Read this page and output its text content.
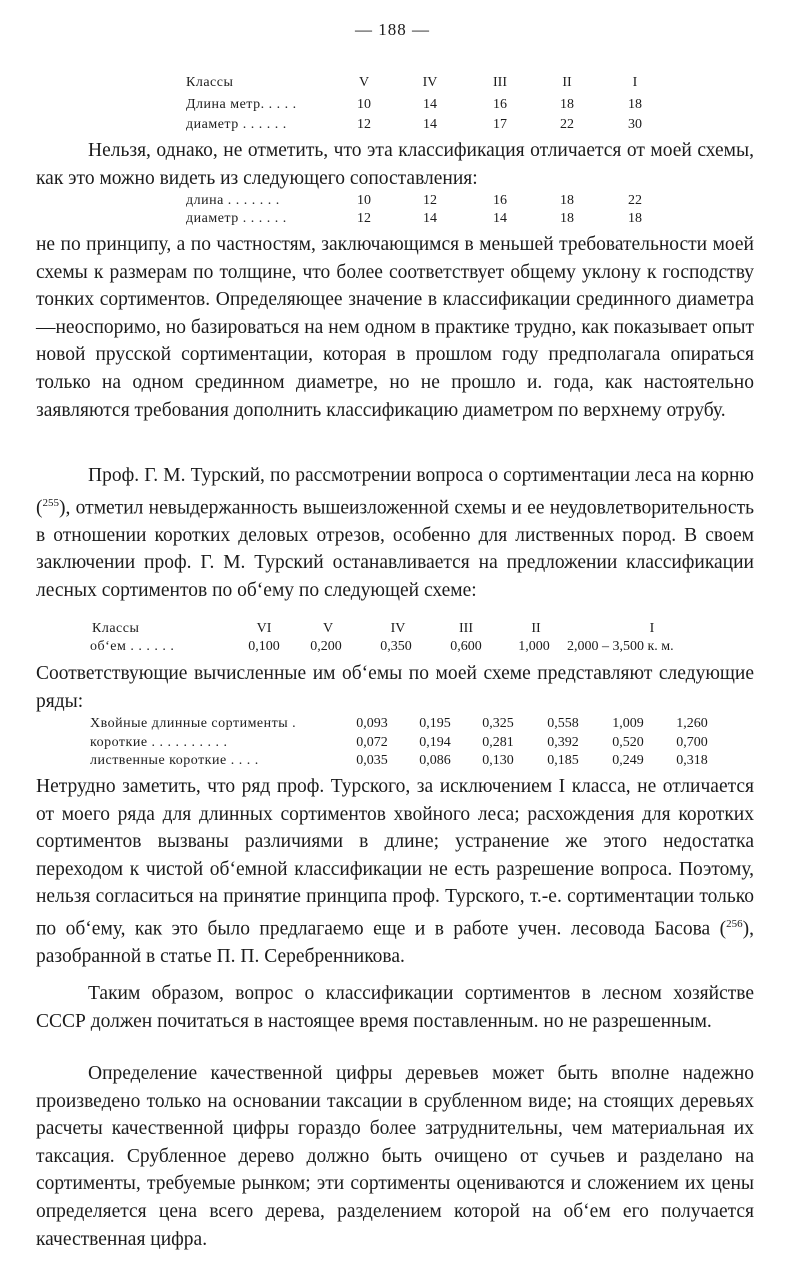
— 188 —
Классы	V	IV	III	II	I
Длина метр. . . . .	10	14	16	18	18
диаметр . . . . . .	12	14	17	22	30

Нельзя, однако, не отметить, что эта классификация отличается от моей схемы, как это можно видеть из следующего сопоставления:

длина . . . . . . .	10	12	16	18	22
диаметр . . . . . .	12	14	14	18	18

не по принципу, а по частностям, заключающимся в меньшей требовательности моей схемы к размерам по толщине, что более соответствует общему уклону к господству тонких сортиментов. Определяющее значение в классификации срединного диаметра—неоспоримо, но базироваться на нем одном в практике трудно, как показывает опыт новой прусской сортиментации, которая в прошлом году предполагала опираться только на одном срединном диаметре, но не прошло и. года, как настоятельно заявляются требования дополнить классификацию диаметром по верхнему отрубу.

Проф. Г. М. Турский, по рассмотрении вопроса о сортиментации леса на корню ($^{255}$), отметил невыдержанность вышеизложенной схемы и ее неудовлетворительность в отношении коротких деловых отрезов, особенно для лиственных пород. В своем заключении проф. Г. М. Турский останавливается на предложении классификации лесных сортиментов по об‘ему по следующей схеме:

Классы	VI	V	IV	III	II	I
об‘ем . . . . . .	0,100	0,200	0,350	0,600	1,000	2,000 – 3,500 к. м.

Соответствующие вычисленные им об‘емы по моей схеме представляют следующие ряды:

Хвойные длинные сортименты .	0,093	0,195	0,325	0,558	1,009	1,260
короткие . . . . . . . . . .	0,072	0,194	0,281	0,392	0,520	0,700
лиственные короткие . . . .	0,035	0,086	0,130	0,185	0,249	0,318

Нетрудно заметить, что ряд проф. Турского, за исключением I класса, не отличается от моего ряда для длинных сортиментов хвойного леса; расхождения для коротких сортиментов вызваны различиями в длине; устранение же этого недостатка переходом к чистой об‘емной классификации не есть разрешение вопроса. Поэтому, нельзя согласиться на принятие принципа проф. Турского, т.-е. сортиментации только по об‘ему, как это было предлагаемо еще и в работе учен. лесовода Басова ($^{256}$), разобранной в статье П. П. Серебренникова.

Таким образом, вопрос о классификации сортиментов в лесном хозяйстве СССР должен почитаться в настоящее время поставленным. но не разрешенным.

Определение качественной цифры деревьев может быть вполне надежно произведено только на основании таксации в срубленном виде; на стоящих деревьях расчеты качественной цифры гораздо более затруднительны, чем материальная их таксация. Срубленное дерево должно быть очищено от сучьев и разделано на сортименты, требуемые рынком; эти сортименты оцениваются и сложением их цены определяется цена всего дерева, разделением которой на об‘ем его получается качественная цифра.
